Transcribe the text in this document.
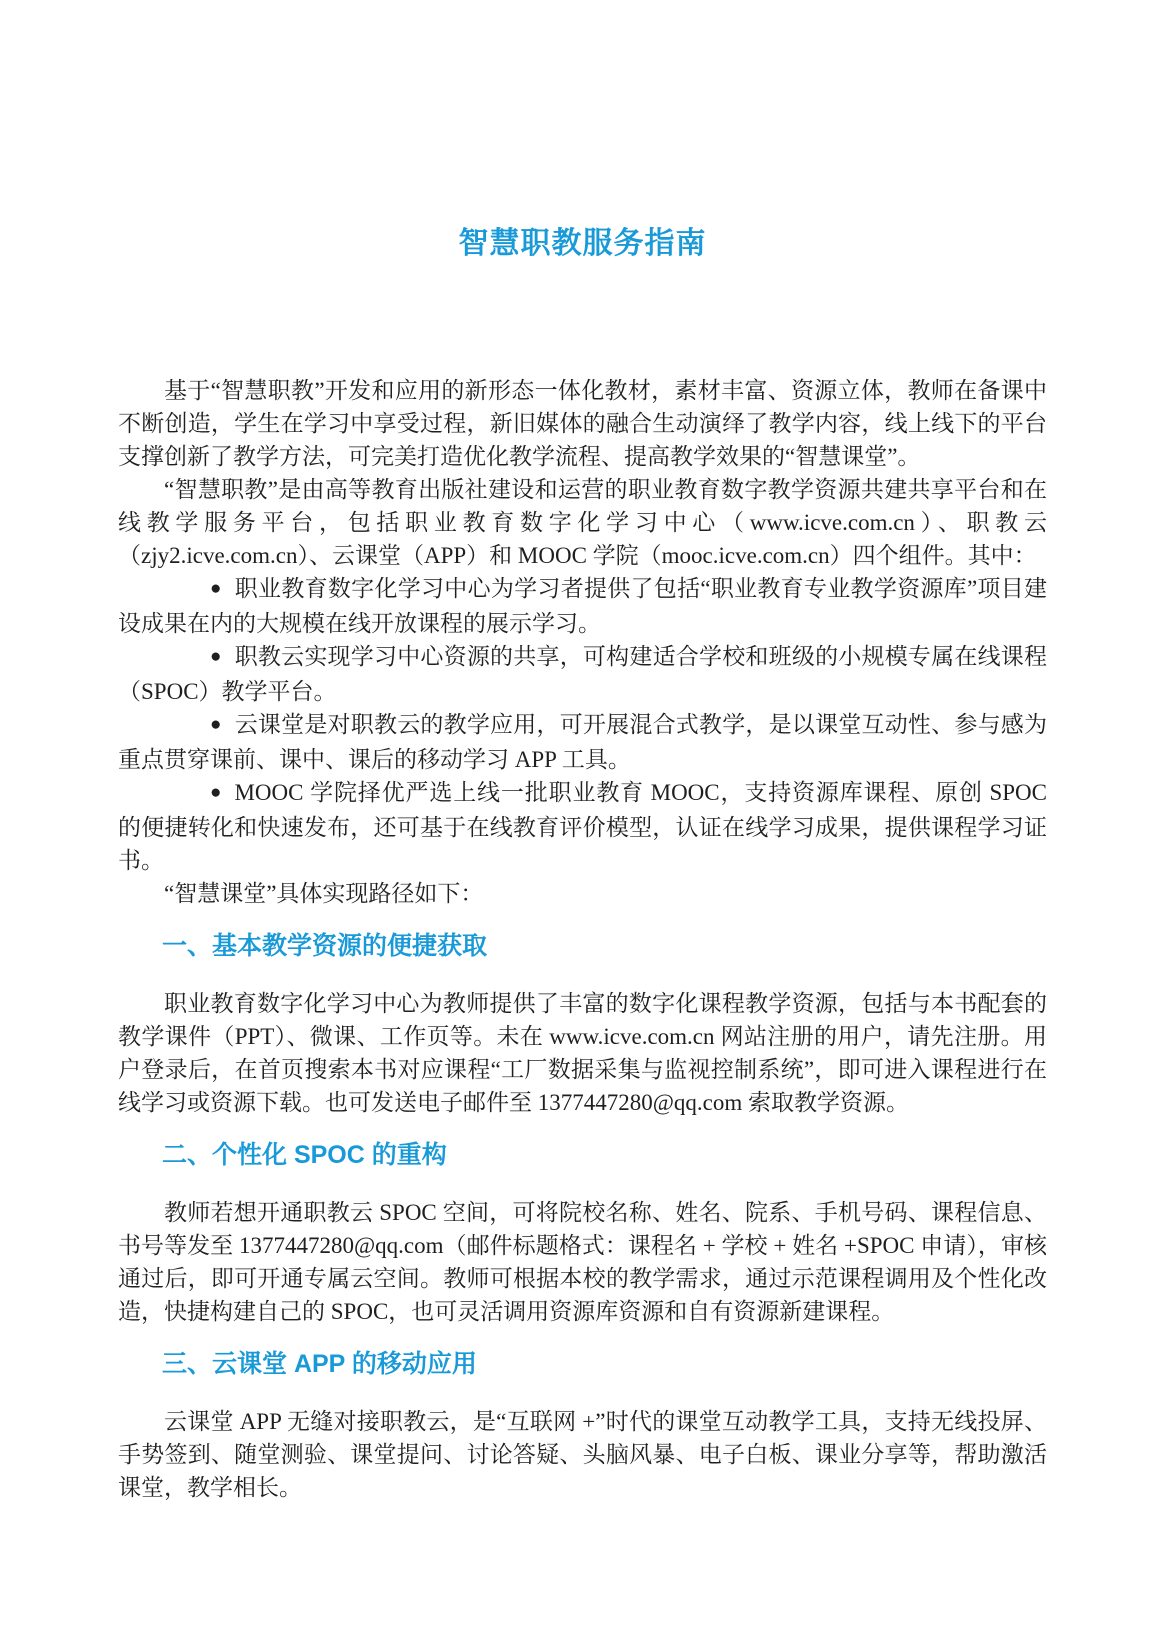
智慧职教服务指南

基于“智慧职教”开发和应用的新形态一体化教材，素材丰富、资源立体，教师在备课中不断创造，学生在学习中享受过程，新旧媒体的融合生动演绎了教学内容，线上线下的平台支撑创新了教学方法，可完美打造优化教学流程、提高教学效果的“智慧课堂”。

“智慧职教”是由高等教育出版社建设和运营的职业教育数字教学资源共建共享平台和在线教学服务平台，包括职业教育数字化学习中心（www.icve.com.cn）、职教云（zjy2.icve.com.cn）、云课堂（APP）和 MOOC 学院（mooc.icve.com.cn）四个组件。其中：

● 职业教育数字化学习中心为学习者提供了包括“职业教育专业教学资源库”项目建设成果在内的大规模在线开放课程的展示学习。

● 职教云实现学习中心资源的共享，可构建适合学校和班级的小规模专属在线课程（SPOC）教学平台。

● 云课堂是对职教云的教学应用，可开展混合式教学，是以课堂互动性、参与感为重点贯穿课前、课中、课后的移动学习 APP 工具。

● MOOC 学院择优严选上线一批职业教育 MOOC，支持资源库课程、原创 SPOC 的便捷转化和快速发布，还可基于在线教育评价模型，认证在线学习成果，提供课程学习证书。

“智慧课堂”具体实现路径如下：

一、基本教学资源的便捷获取

职业教育数字化学习中心为教师提供了丰富的数字化课程教学资源，包括与本书配套的教学课件（PPT）、微课、工作页等。未在 www.icve.com.cn 网站注册的用户，请先注册。用户登录后，在首页搜索本书对应课程“工厂数据采集与监视控制系统”，即可进入课程进行在线学习或资源下载。也可发送电子邮件至 1377447280@qq.com 索取教学资源。

二、个性化 SPOC 的重构

教师若想开通职教云 SPOC 空间，可将院校名称、姓名、院系、手机号码、课程信息、书号等发至 1377447280@qq.com（邮件标题格式：课程名 + 学校 + 姓名 +SPOC 申请），审核通过后，即可开通专属云空间。教师可根据本校的教学需求，通过示范课程调用及个性化改造，快捷构建自己的 SPOC，也可灵活调用资源库资源和自有资源新建课程。

三、云课堂 APP 的移动应用

云课堂 APP 无缝对接职教云，是“互联网 +”时代的课堂互动教学工具，支持无线投屏、手势签到、随堂测验、课堂提问、讨论答疑、头脑风暴、电子白板、课业分享等，帮助激活课堂，教学相长。
